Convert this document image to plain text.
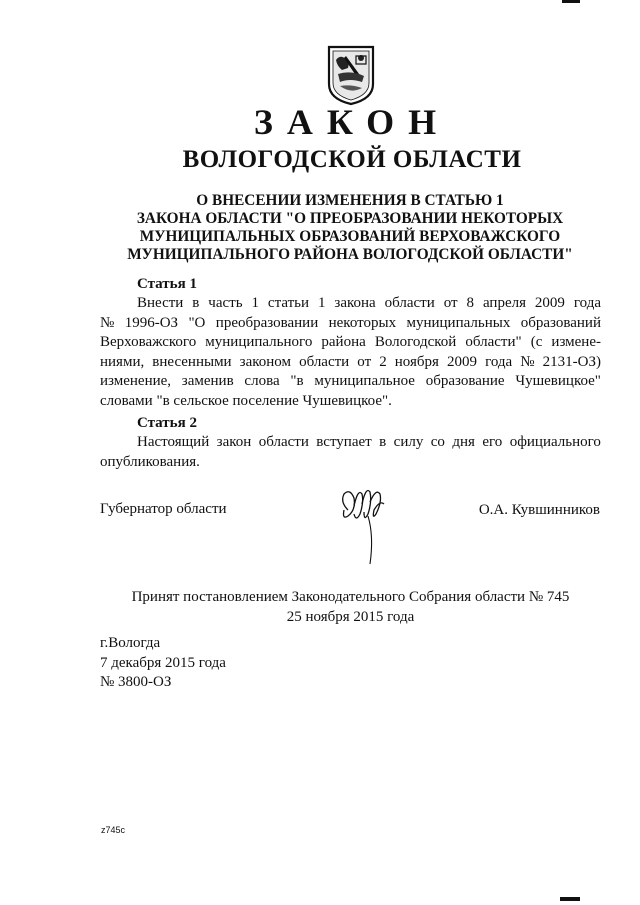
ЗАКОН
ВОЛОГОДСКОЙ ОБЛАСТИ
О ВНЕСЕНИИ ИЗМЕНЕНИЯ В СТАТЬЮ 1
ЗАКОНА ОБЛАСТИ "О ПРЕОБРАЗОВАНИИ НЕКОТОРЫХ
МУНИЦИПАЛЬНЫХ ОБРАЗОВАНИЙ ВЕРХОВАЖСКОГО
МУНИЦИПАЛЬНОГО РАЙОНА ВОЛОГОДСКОЙ ОБЛАСТИ"
Статья 1
Внести в часть 1 статьи 1 закона области от 8 апреля 2009 года
№ 1996-ОЗ "О преобразовании некоторых муниципальных образований
Верховажского муниципального района Вологодской области" (с измене-
ниями, внесенными законом области от 2 ноября 2009 года № 2131-ОЗ)
изменение, заменив слова "в муниципальное образование Чушевицкое"
словами "в сельское поселение Чушевицкое".
Статья 2
Настоящий закон области вступает в силу со дня его официального
опубликования.
Губернатор области	О.А. Кувшинников
Принят постановлением Законодательного Собрания области № 745
25 ноября 2015 года
г.Вологда
7 декабря 2015 года
№ 3800-ОЗ
z745c
